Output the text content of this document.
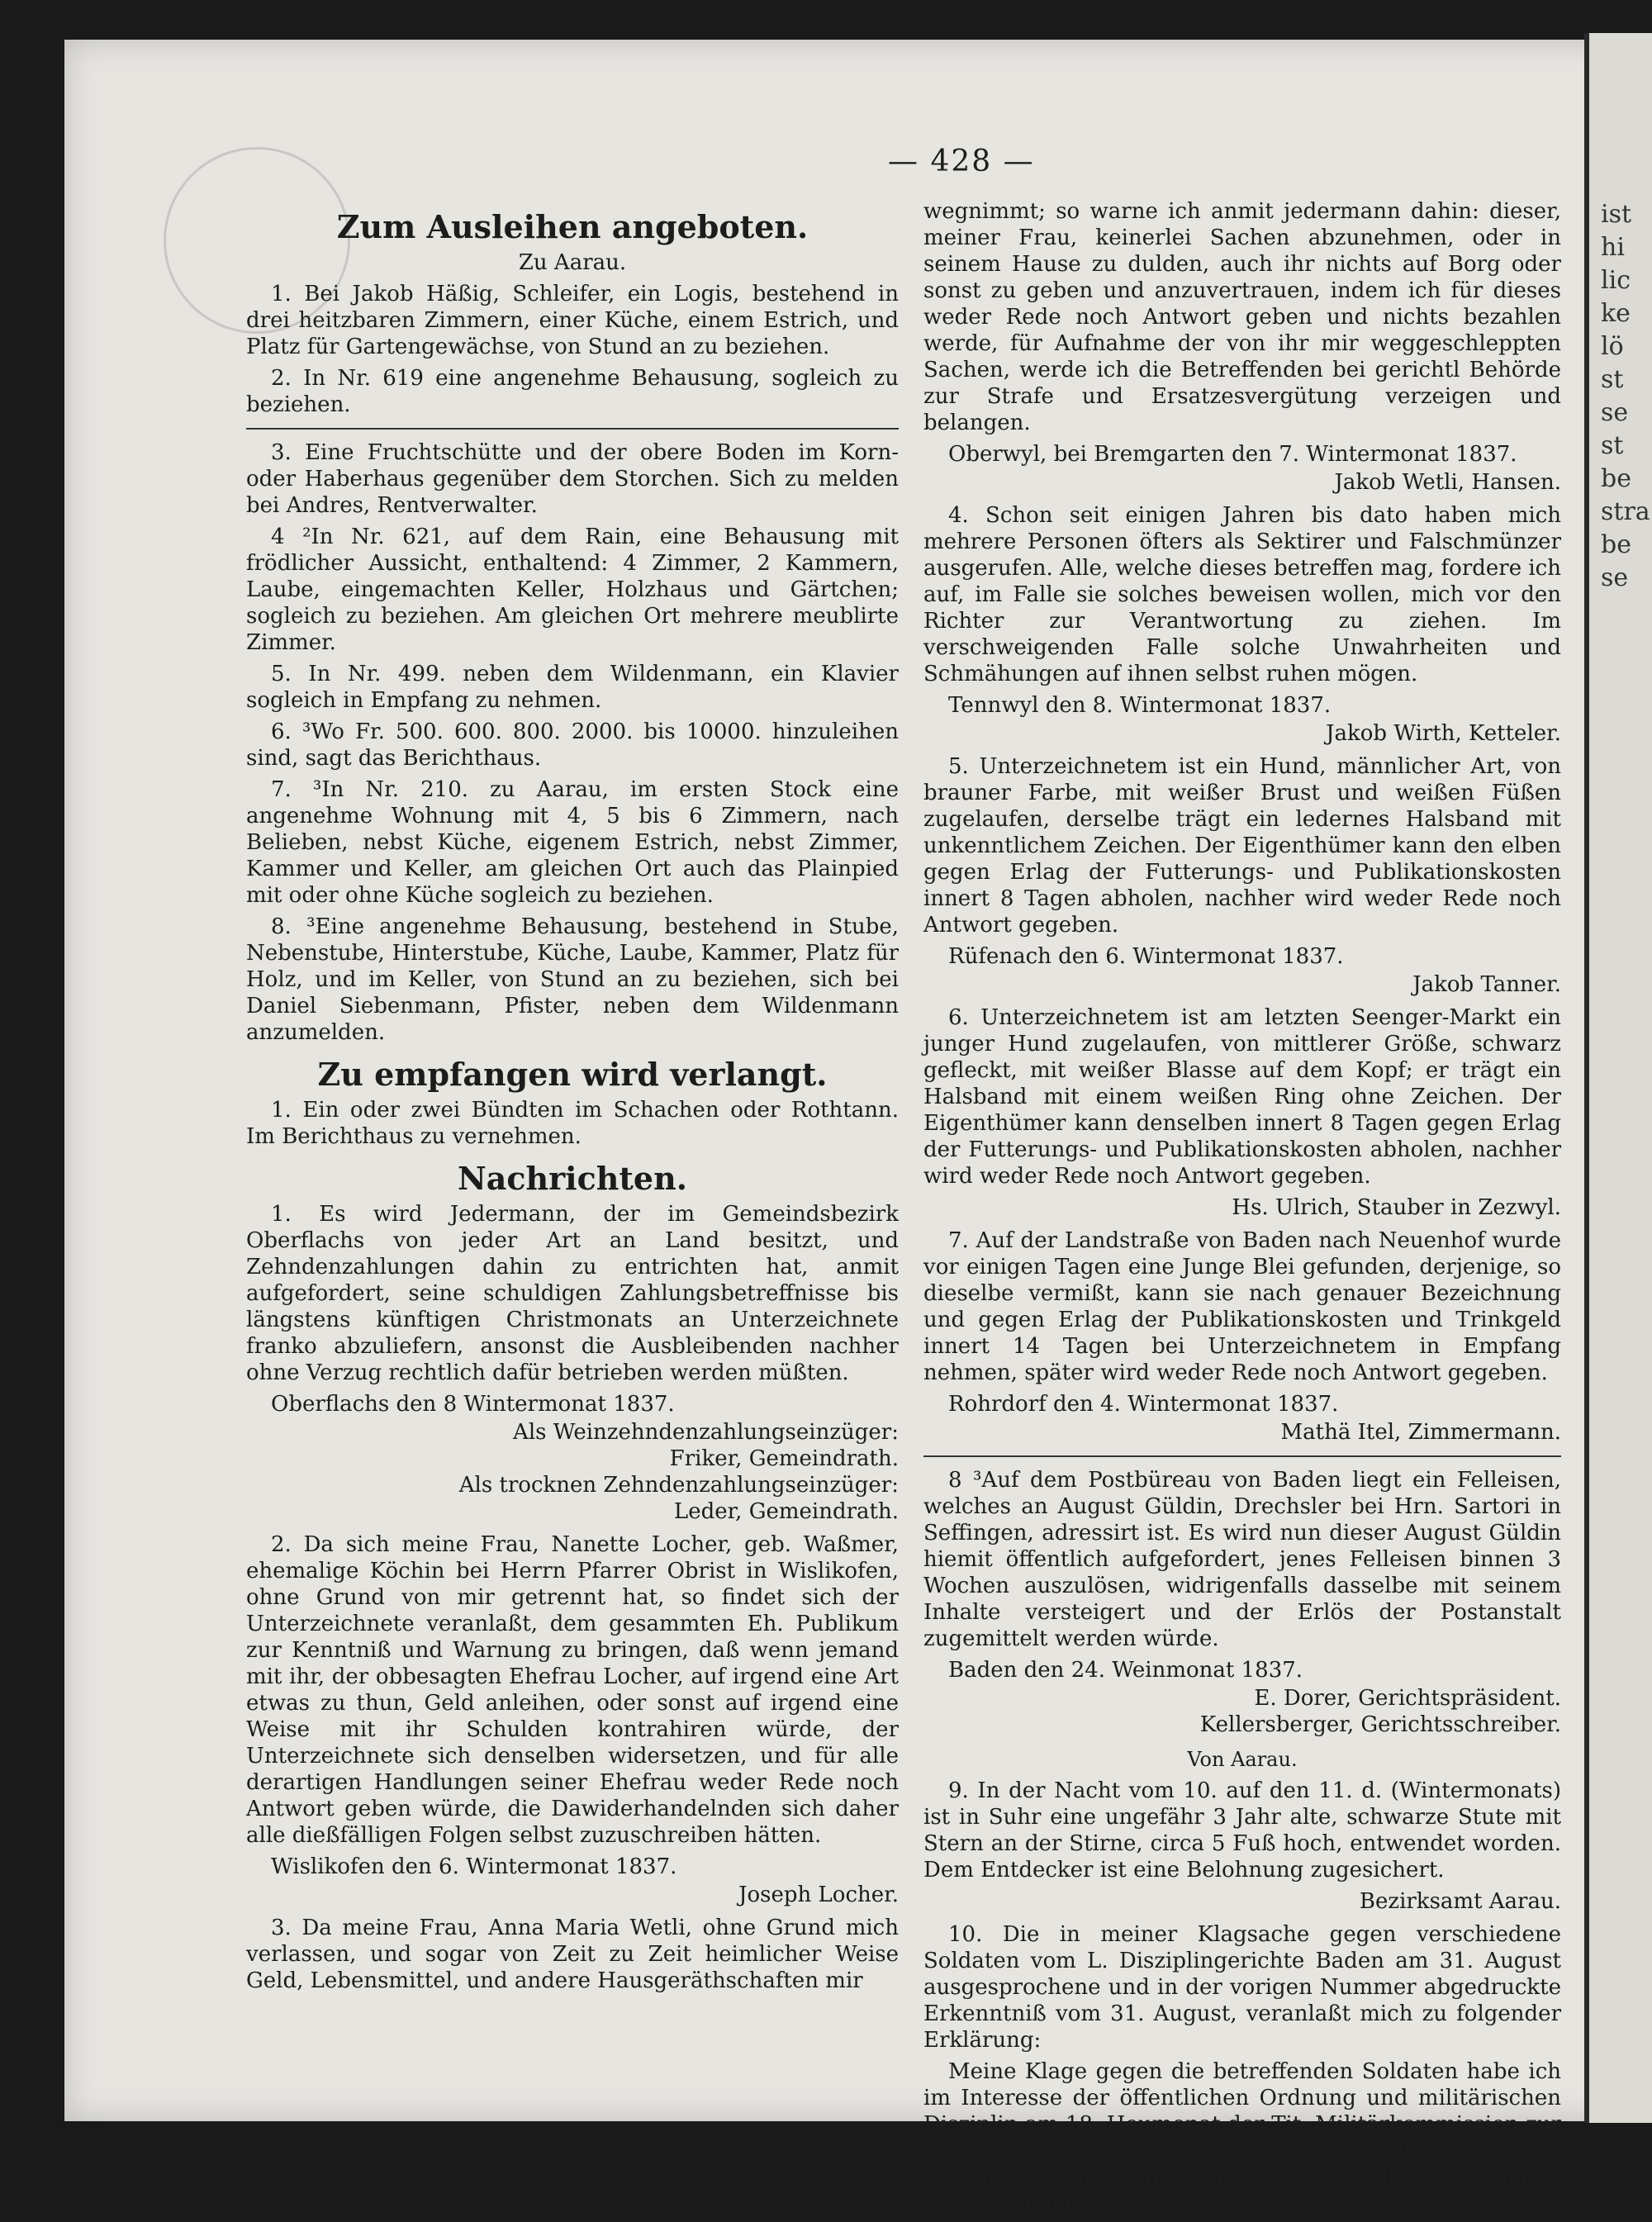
ist
hi
lic
ke
lö
st
se
st
be
stra
be
se
— 428 —
Zum Ausleihen angeboten.
Zu Aarau.

1. Bei Jakob Häßig, Schleifer, ein Logis, bestehend in drei heitzbaren Zimmern, einer Küche, einem Estrich, und Platz für Gartengewächse, von Stund an zu beziehen.

2. In Nr. 619 eine angenehme Behausung, sogleich zu beziehen.

3. Eine Fruchtschütte und der obere Boden im Korn- oder Haberhaus gegenüber dem Storchen. Sich zu melden bei Andres, Rentverwalter.

4 ²In Nr. 621, auf dem Rain, eine Behausung mit frödlicher Aussicht, enthaltend: 4 Zimmer, 2 Kammern, Laube, eingemachten Keller, Holzhaus und Gärtchen; sogleich zu beziehen. Am gleichen Ort mehrere meublirte Zimmer.

5. In Nr. 499. neben dem Wildenmann, ein Klavier sogleich in Empfang zu nehmen.

6. ³Wo Fr. 500. 600. 800. 2000. bis 10000. hinzuleihen sind, sagt das Berichthaus.

7. ³In Nr. 210. zu Aarau, im ersten Stock eine angenehme Wohnung mit 4, 5 bis 6 Zimmern, nach Belieben, nebst Küche, eigenem Estrich, nebst Zimmer, Kammer und Keller, am gleichen Ort auch das Plainpied mit oder ohne Küche sogleich zu beziehen.

8. ³Eine angenehme Behausung, bestehend in Stube, Nebenstube, Hinterstube, Küche, Laube, Kammer, Platz für Holz, und im Keller, von Stund an zu beziehen, sich bei Daniel Siebenmann, Pfister, neben dem Wildenmann anzumelden.

Zu empfangen wird verlangt.

1. Ein oder zwei Bündten im Schachen oder Rothtann. Im Berichthaus zu vernehmen.

Nachrichten.

1. Es wird Jedermann, der im Gemeindsbezirk Oberflachs von jeder Art an Land besitzt, und Zehndenzahlungen dahin zu entrichten hat, anmit aufgefordert, seine schuldigen Zahlungsbetreffnisse bis längstens künftigen Christmonats an Unterzeichnete franko abzuliefern, ansonst die Ausbleibenden nachher ohne Verzug rechtlich dafür betrieben werden müßten.

Oberflachs den 8 Wintermonat 1837.
Als Weinzehndenzahlungseinzüger:
Friker, Gemeindrath.
Als trocknen Zehndenzahlungseinzüger:
Leder, Gemeindrath.

2. Da sich meine Frau, Nanette Locher, geb. Waßmer, ehemalige Köchin bei Herrn Pfarrer Obrist in Wislikofen, ohne Grund von mir getrennt hat, so findet sich der Unterzeichnete veranlaßt, dem gesammten Eh. Publikum zur Kenntniß und Warnung zu bringen, daß wenn jemand mit ihr, der obbesagten Ehefrau Locher, auf irgend eine Art etwas zu thun, Geld anleihen, oder sonst auf irgend eine Weise mit ihr Schulden kontrahiren würde, der Unterzeichnete sich denselben widersetzen, und für alle derartigen Handlungen seiner Ehefrau weder Rede noch Antwort geben würde, die Dawiderhandelnden sich daher alle dießfälligen Folgen selbst zuzuschreiben hätten.

Wislikofen den 6. Wintermonat 1837.
Joseph Locher.

3. Da meine Frau, Anna Maria Wetli, ohne Grund mich verlassen, und sogar von Zeit zu Zeit heimlicher Weise Geld, Lebensmittel, und andere Hausgeräthschaften mir

wegnimmt; so warne ich anmit jedermann dahin: dieser, meiner Frau, keinerlei Sachen abzunehmen, oder in seinem Hause zu dulden, auch ihr nichts auf Borg oder sonst zu geben und anzuvertrauen, indem ich für dieses weder Rede noch Antwort geben und nichts bezahlen werde, für Aufnahme der von ihr mir weggeschleppten Sachen, werde ich die Betreffenden bei gerichtl Behörde zur Strafe und Ersatzesvergütung verzeigen und belangen.

Oberwyl, bei Bremgarten den 7. Wintermonat 1837.
Jakob Wetli, Hansen.

4. Schon seit einigen Jahren bis dato haben mich mehrere Personen öfters als Sektirer und Falschmünzer ausgerufen. Alle, welche dieses betreffen mag, fordere ich auf, im Falle sie solches beweisen wollen, mich vor den Richter zur Verantwortung zu ziehen. Im verschweigenden Falle solche Unwahrheiten und Schmähungen auf ihnen selbst ruhen mögen.

Tennwyl den 8. Wintermonat 1837.
Jakob Wirth, Ketteler.

5. Unterzeichnetem ist ein Hund, männlicher Art, von brauner Farbe, mit weißer Brust und weißen Füßen zugelaufen, derselbe trägt ein ledernes Halsband mit unkenntlichem Zeichen. Der Eigenthümer kann den elben gegen Erlag der Futterungs- und Publikationskosten innert 8 Tagen abholen, nachher wird weder Rede noch Antwort gegeben.

Rüfenach den 6. Wintermonat 1837.
Jakob Tanner.

6. Unterzeichnetem ist am letzten Seenger-Markt ein junger Hund zugelaufen, von mittlerer Größe, schwarz gefleckt, mit weißer Blasse auf dem Kopf; er trägt ein Halsband mit einem weißen Ring ohne Zeichen. Der Eigenthümer kann denselben innert 8 Tagen gegen Erlag der Futterungs- und Publikationskosten abholen, nachher wird weder Rede noch Antwort gegeben.

Hs. Ulrich, Stauber in Zezwyl.

7. Auf der Landstraße von Baden nach Neuenhof wurde vor einigen Tagen eine Junge Blei gefunden, derjenige, so dieselbe vermißt, kann sie nach genauer Bezeichnung und gegen Erlag der Publikationskosten und Trinkgeld innert 14 Tagen bei Unterzeichnetem in Empfang nehmen, später wird weder Rede noch Antwort gegeben.

Rohrdorf den 4. Wintermonat 1837.
Mathä Itel, Zimmermann.

8 ³Auf dem Postbüreau von Baden liegt ein Felleisen, welches an August Güldin, Drechsler bei Hrn. Sartori in Seffingen, adressirt ist. Es wird nun dieser August Güldin hiemit öffentlich aufgefordert, jenes Felleisen binnen 3 Wochen auszulösen, widrigenfalls dasselbe mit seinem Inhalte versteigert und der Erlös der Postanstalt zugemittelt werden würde.

Baden den 24. Weinmonat 1837.
E. Dorer, Gerichtspräsident.
Kellersberger, Gerichtsschreiber.
Von Aarau.

9. In der Nacht vom 10. auf den 11. d. (Wintermonats) ist in Suhr eine ungefähr 3 Jahr alte, schwarze Stute mit Stern an der Stirne, circa 5 Fuß hoch, entwendet worden. Dem Entdecker ist eine Belohnung zugesichert.

Bezirksamt Aarau.

10. Die in meiner Klagsache gegen verschiedene Soldaten vom L. Disziplingerichte Baden am 31. August ausgesprochene und in der vorigen Nummer abgedruckte Erkenntniß vom 31. August, veranlaßt mich zu folgender Erklärung:

Meine Klage gegen die betreffenden Soldaten habe ich im Interesse der öffentlichen Ordnung und militärischen Disziplin am 18. Heumonat der Tit. Militärkommission zur weitern Verfügung eingereicht; sie enthält die lautere Wahrheit. Von dem Gang der diesfalls gepflogenen Untersuchung
